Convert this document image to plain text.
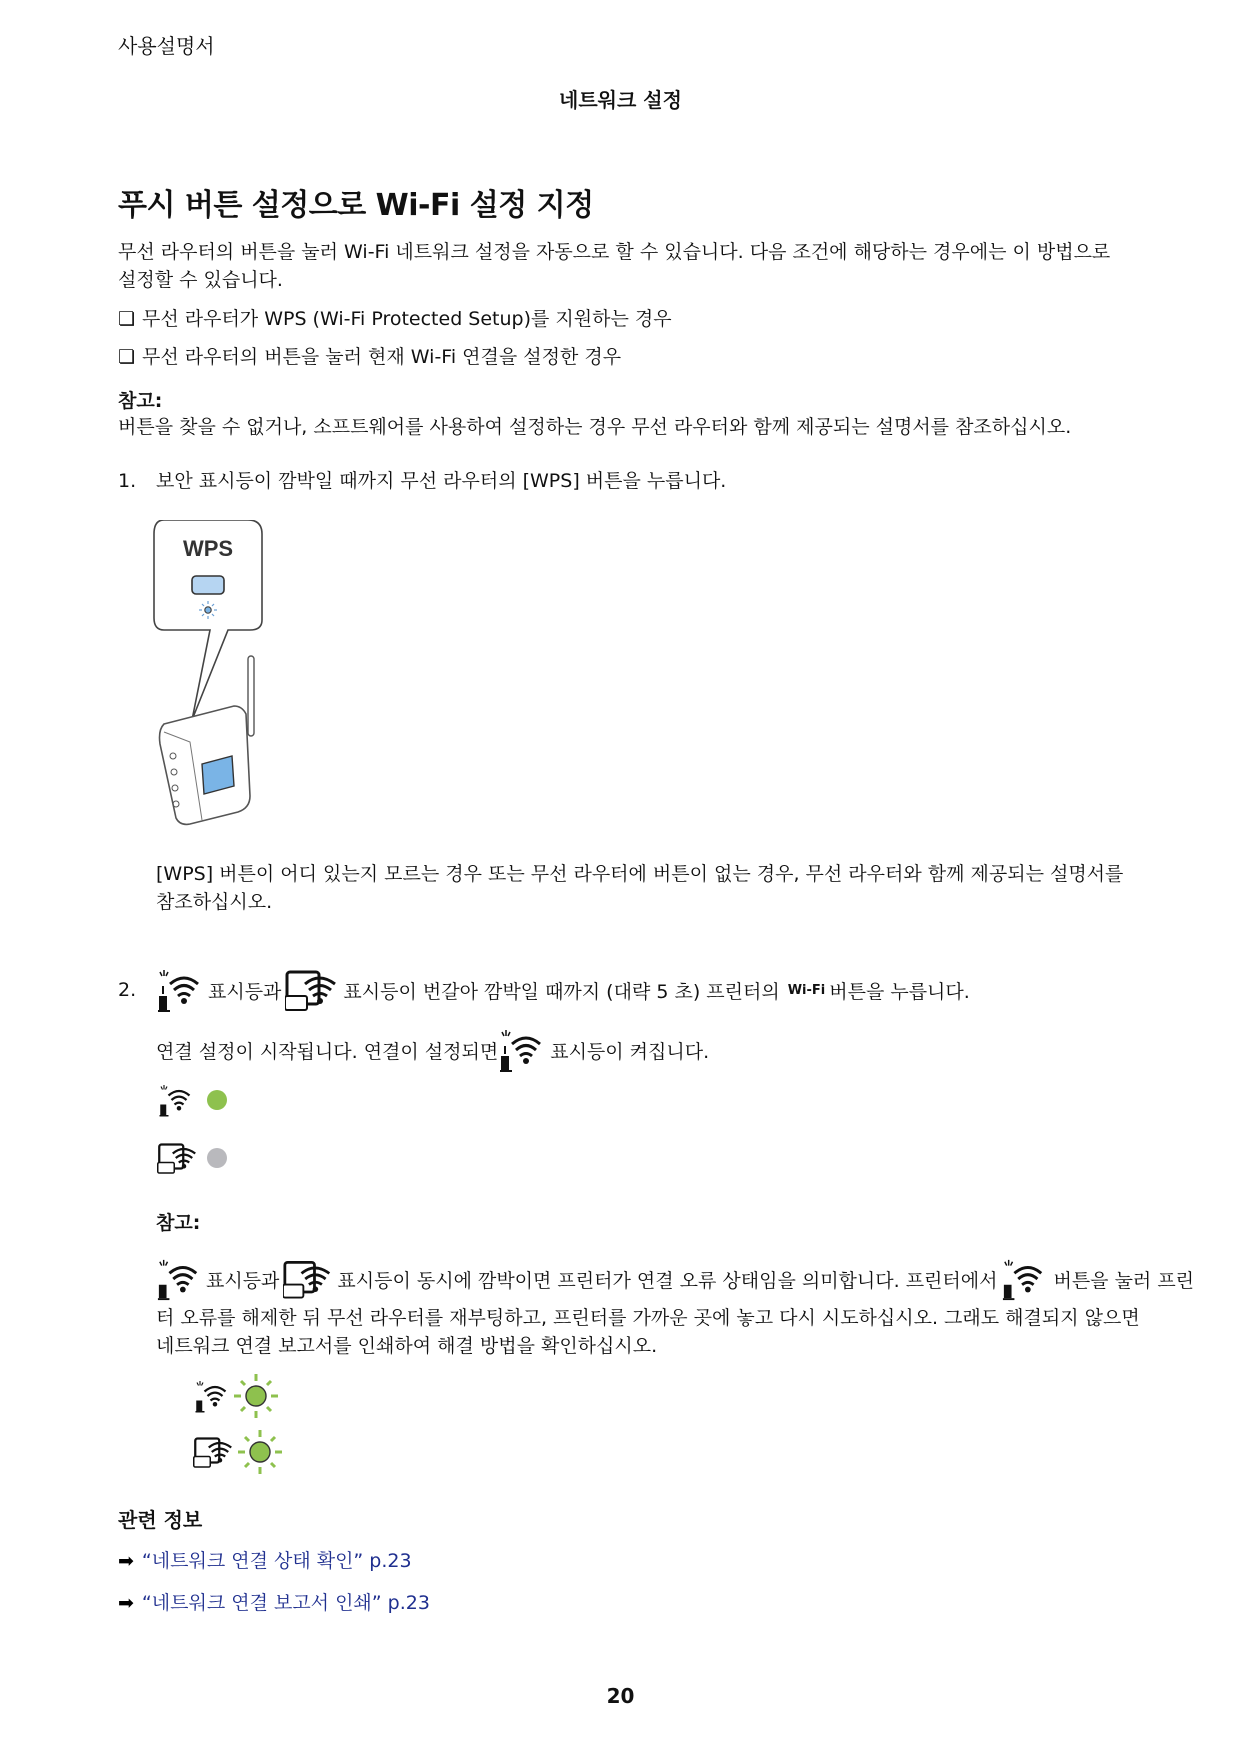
사용설명서
네트워크 설정
푸시 버튼 설정으로 Wi-Fi 설정 지정
무선 라우터의 버튼을 눌러 Wi-Fi 네트워크 설정을 자동으로 할 수 있습니다. 다음 조건에 해당하는 경우에는 이 방법으로 설정할 수 있습니다.
❏ 무선 라우터가 WPS (Wi-Fi Protected Setup)를 지원하는 경우
❏ 무선 라우터의 버튼을 눌러 현재 Wi-Fi 연결을 설정한 경우
참고:
버튼을 찾을 수 없거나, 소프트웨어를 사용하여 설정하는 경우 무선 라우터와 함께 제공되는 설명서를 참조하십시오.
1. 보안 표시등이 깜박일 때까지 무선 라우터의 [WPS] 버튼을 누릅니다.
WPS
[WPS] 버튼이 어디 있는지 모르는 경우 또는 무선 라우터에 버튼이 없는 경우, 무선 라우터와 함께 제공되는 설명서를 참조하십시오.
2.	표시등과	표시등이 번갈아 깜박일 때까지 (대략 5 초) 프린터의 Wi-Fi 버튼을 누릅니다.
연결 설정이 시작됩니다. 연결이 설정되면	표시등이 켜집니다.
참고:
표시등과	표시등이 동시에 깜박이면 프린터가 연결 오류 상태임을 의미합니다. 프린터에서	버튼을 눌러 프린
터 오류를 해제한 뒤 무선 라우터를 재부팅하고, 프린터를 가까운 곳에 놓고 다시 시도하십시오. 그래도 해결되지 않으면 네트워크 연결 보고서를 인쇄하여 해결 방법을 확인하십시오.
관련 정보
➡ “네트워크 연결 상태 확인” p.23
➡ “네트워크 연결 보고서 인쇄” p.23
20
